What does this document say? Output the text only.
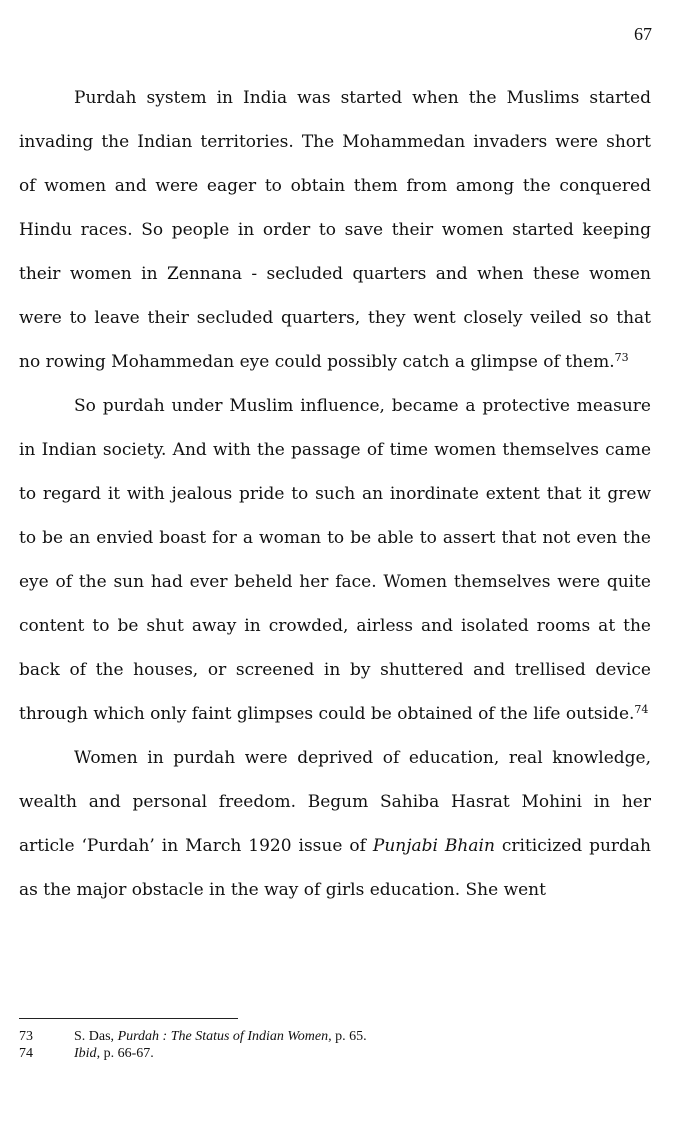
67

Purdah system in India was started when the Muslims started invading the Indian territories. The Mohammedan invaders were short of women and were eager to obtain them from among the conquered Hindu races. So people in order to save their women started keeping their women in Zennana - secluded quarters and when these women were to leave their secluded quarters, they went closely veiled so that no rowing Mohammedan eye could possibly catch a glimpse of them.$^{73}$

So purdah under Muslim influence, became a protective measure in Indian society. And with the passage of time women themselves came to regard it with jealous pride to such an inordinate extent that it grew to be an envied boast for a woman to be able to assert that not even the eye of the sun had ever beheld her face. Women themselves were quite content to be shut away in crowded, airless and isolated rooms at the back of the houses, or screened in by shuttered and trellised device through which only faint glimpses could be obtained of the life outside.$^{74}$

Women in purdah were deprived of education, real knowledge, wealth and personal freedom. Begum Sahiba Hasrat Mohini in her article ‘Purdah’ in March 1920 issue of Punjabi Bhain criticized purdah as the major obstacle in the way of girls education. She went

73	S. Das, Purdah : The Status of Indian Women, p. 65.
74	Ibid, p. 66-67.
